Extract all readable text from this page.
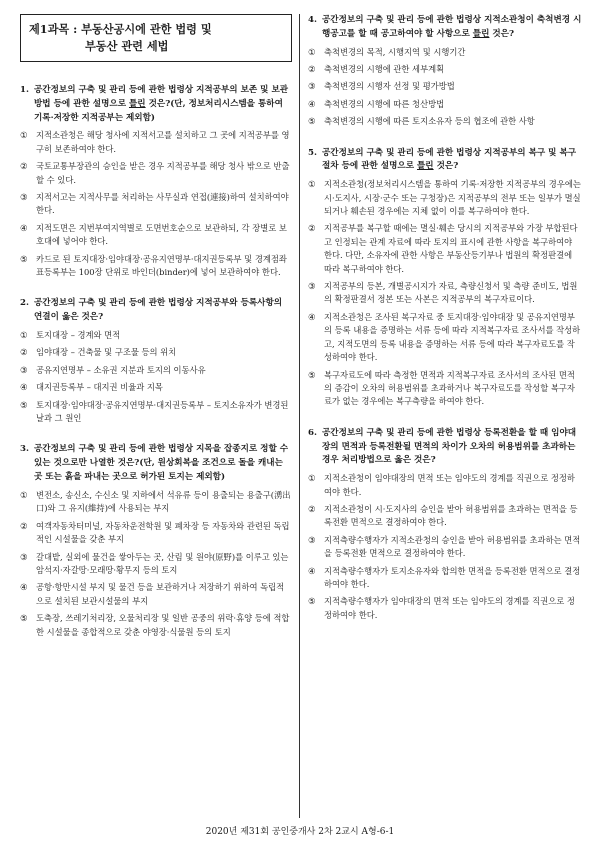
제1과목 : 부동산공시에 관한 법령 및
부동산 관련 세법
1. 공간정보의 구축 및 관리 등에 관한 법령상 지적공부의 보존 및 보관방법 등에 관한 설명으로 틀린 것은?(단, 정보처리시스템을 통하여 기록·저장한 지적공부는 제외함)
①	지적소관청은 해당 청사에 지적서고를 설치하고 그 곳에 지적공부를 영구히 보존하여야 한다.
②	국토교통부장관의 승인을 받은 경우 지적공부를 해당 청사 밖으로 반출할 수 있다.
③	지적서고는 지적사무를 처리하는 사무실과 연접(連接)하여 설치하여야 한다.
④	지적도면은 지번부여지역별로 도면번호순으로 보관하되, 각 장별로 보호대에 넣어야 한다.
⑤	카드로 된 토지대장·임야대장·공유지연명부·대지권등록부 및 경계점좌표등록부는 100장 단위로 바인더(binder)에 넣어 보관하여야 한다.
2. 공간정보의 구축 및 관리 등에 관한 법령상 지적공부와 등록사항의 연결이 옳은 것은?
①	토지대장 – 경계와 면적
②	임야대장 – 건축물 및 구조물 등의 위치
③	공유지연명부 – 소유권 지분과 토지의 이동사유
④	대지권등록부 – 대지권 비율과 지목
⑤	토지대장·임야대장·공유지연명부·대지권등록부 – 토지소유자가 변경된 날과 그 원인
3. 공간정보의 구축 및 관리 등에 관한 법령상 지목을 잡종지로 정할 수 있는 것으로만 나열한 것은?(단, 원상회복을 조건으로 돌을 캐내는 곳 또는 흙을 파내는 곳으로 허가된 토지는 제외함)
①	변전소, 송신소, 수신소 및 지하에서 석유류 등이 용출되는 용출구(湧出口)와 그 유지(維持)에 사용되는 부지
②	여객자동차터미널, 자동차운전학원 및 폐차장 등 자동차와 관련된 독립적인 시설물을 갖춘 부지
③	갈대밭, 실외에 물건을 쌓아두는 곳, 산림 및 원야(原野)를 이루고 있는 암석지·자갈땅·모래땅·황무지 등의 토지
④	공항·항만시설 부지 및 물건 등을 보관하거나 저장하기 위하여 독립적으로 설치된 보관시설물의 부지
⑤	도축장, 쓰레기처리장, 오물처리장 및 일반 공중의 위락·휴양 등에 적합한 시설물을 종합적으로 갖춘 야영장·식물원 등의 토지
4. 공간정보의 구축 및 관리 등에 관한 법령상 지적소관청이 축척변경 시행공고를 할 때 공고하여야 할 사항으로 틀린 것은?
①	축척변경의 목적, 시행지역 및 시행기간
②	축척변경의 시행에 관한 세부계획
③	축척변경의 시행자 선정 및 평가방법
④	축척변경의 시행에 따른 청산방법
⑤	축척변경의 시행에 따른 토지소유자 등의 협조에 관한 사항
5. 공간정보의 구축 및 관리 등에 관한 법령상 지적공부의 복구 및 복구절차 등에 관한 설명으로 틀린 것은?
①	지적소관청(정보처리시스템을 통하여 기록·저장한 지적공부의 경우에는 시·도지사, 시장·군수 또는 구청장)은 지적공부의 전부 또는 일부가 멸실되거나 훼손된 경우에는 지체 없이 이를 복구하여야 한다.
②	지적공부를 복구할 때에는 멸실·훼손 당시의 지적공부와 가장 부합된다고 인정되는 관계 자료에 따라 토지의 표시에 관한 사항을 복구하여야 한다. 다만, 소유자에 관한 사항은 부동산등기부나 법원의 확정판결에 따라 복구하여야 한다.
③	지적공부의 등본, 개별공시지가 자료, 측량신청서 및 측량 준비도, 법원의 확정판결서 정본 또는 사본은 지적공부의 복구자료이다.
④	지적소관청은 조사된 복구자료 중 토지대장·임야대장 및 공유지연명부의 등록 내용을 증명하는 서류 등에 따라 지적복구자료 조사서를 작성하고, 지적도면의 등록 내용을 증명하는 서류 등에 따라 복구자료도를 작성하여야 한다.
⑤	복구자료도에 따라 측정한 면적과 지적복구자료 조사서의 조사된 면적의 증감이 오차의 허용범위를 초과하거나 복구자료도를 작성할 복구자료가 없는 경우에는 복구측량을 하여야 한다.
6. 공간정보의 구축 및 관리 등에 관한 법령상 등록전환을 할 때 임야대장의 면적과 등록전환될 면적의 차이가 오차의 허용범위를 초과하는 경우 처리방법으로 옳은 것은?
①	지적소관청이 임야대장의 면적 또는 임야도의 경계를 직권으로 정정하여야 한다.
②	지적소관청이 시·도지사의 승인을 받아 허용범위를 초과하는 면적을 등록전환 면적으로 결정하여야 한다.
③	지적측량수행자가 지적소관청의 승인을 받아 허용범위를 초과하는 면적을 등록전환 면적으로 결정하여야 한다.
④	지적측량수행자가 토지소유자와 합의한 면적을 등록전환 면적으로 결정하여야 한다.
⑤	지적측량수행자가 임야대장의 면적 또는 임야도의 경계를 직권으로 정정하여야 한다.
2020년 제31회 공인중개사 2차 2교시 A형-6-1
